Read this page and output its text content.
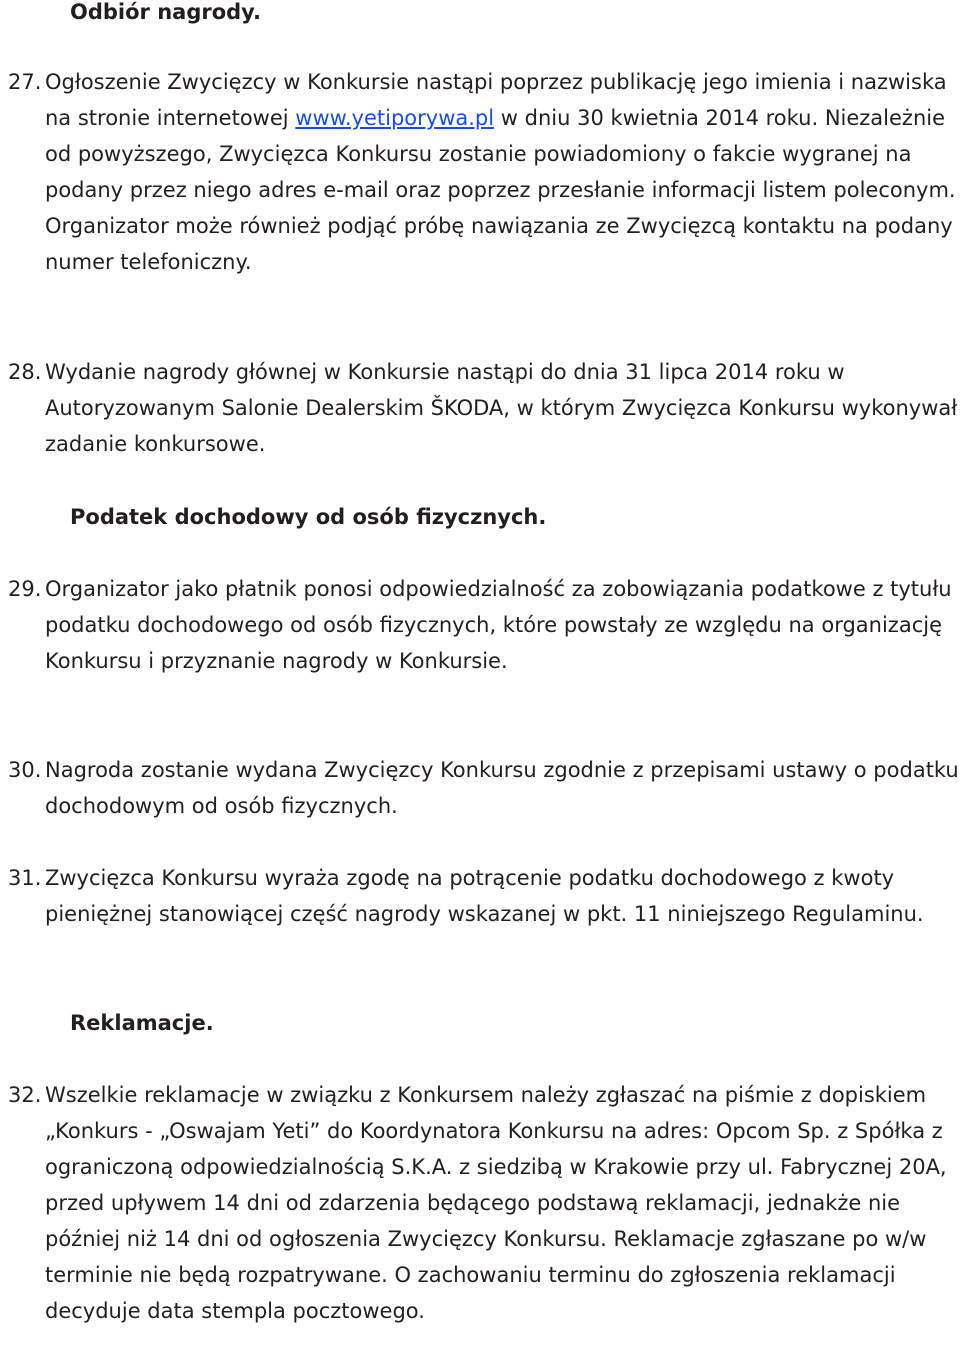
Odbiór nagrody.

27. Ogłoszenie Zwycięzcy w Konkursie nastąpi poprzez publikację jego imienia i nazwiska na stronie internetowej www.yetiporywa.pl w dniu 30 kwietnia 2014 roku. Niezależnie od powyższego, Zwycięzca Konkursu zostanie powiadomiony o fakcie wygranej na podany przez niego adres e-mail oraz poprzez przesłanie informacji listem poleconym. Organizator może również podjąć próbę nawiązania ze Zwycięzcą kontaktu na podany numer telefoniczny.

28. Wydanie nagrody głównej w Konkursie nastąpi do dnia 31 lipca 2014 roku w Autoryzowanym Salonie Dealerskim ŠKODA, w którym Zwycięzca Konkursu wykonywał zadanie konkursowe.

Podatek dochodowy od osób fizycznych.

29. Organizator jako płatnik ponosi odpowiedzialność za zobowiązania podatkowe z tytułu podatku dochodowego od osób fizycznych, które powstały ze względu na organizację Konkursu i przyznanie nagrody w Konkursie.

30. Nagroda zostanie wydana Zwycięzcy Konkursu zgodnie z przepisami ustawy o podatku dochodowym od osób fizycznych.

31. Zwycięzca Konkursu wyraża zgodę na potrącenie podatku dochodowego z kwoty pieniężnej stanowiącej część nagrody wskazanej w pkt. 11 niniejszego Regulaminu.

Reklamacje.

32. Wszelkie reklamacje w związku z Konkursem należy zgłaszać na piśmie z dopiskiem „Konkurs - „Oswajam Yeti” do Koordynatora Konkursu na adres: Opcom Sp. z Spółka z ograniczoną odpowiedzialnością S.K.A. z siedzibą w Krakowie przy ul. Fabrycznej 20A, przed upływem 14 dni od zdarzenia będącego podstawą reklamacji, jednakże nie później niż 14 dni od ogłoszenia Zwycięzcy Konkursu. Reklamacje zgłaszane po w/w terminie nie będą rozpatrywane. O zachowaniu terminu do zgłoszenia reklamacji decyduje data stempla pocztowego.
